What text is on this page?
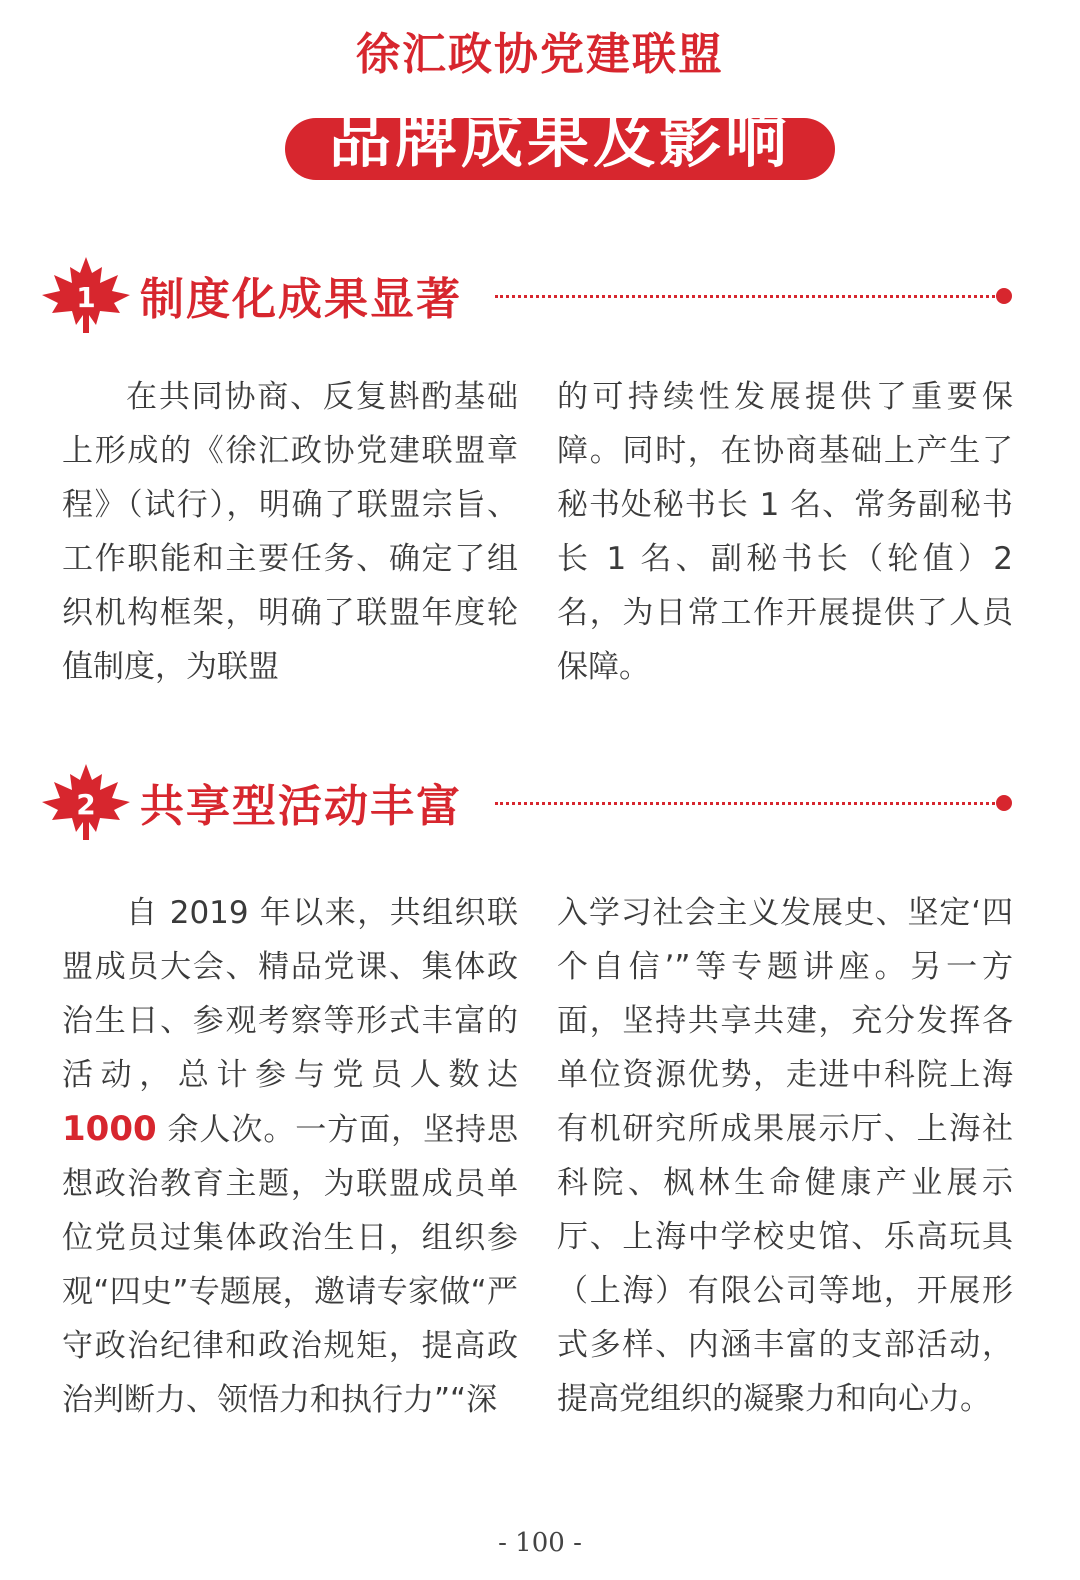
徐汇政协党建联盟
品牌成果及影响
1 制度化成果显著

在共同协商、反复斟酌基础上形成的《徐汇政协党建联盟章程》（试行），明确了联盟宗旨、工作职能和主要任务、确定了组织机构框架，明确了联盟年度轮值制度，为联盟

的可持续性发展提供了重要保障。同时，在协商基础上产生了秘书处秘书长 1 名、常务副秘书长 1 名、副秘书长（轮值）2 名，为日常工作开展提供了人员保障。

2 共享型活动丰富

自 2019 年以来，共组织联盟成员大会、精品党课、集体政治生日、参观考察等形式丰富的活动，总计参与党员人数达1000 余人次。一方面，坚持思想政治教育主题，为联盟成员单位党员过集体政治生日，组织参观“四史”专题展，邀请专家做“严守政治纪律和政治规矩，提高政治判断力、领悟力和执行力”“深

入学习社会主义发展史、坚定‘四个自信’”等专题讲座。另一方面，坚持共享共建，充分发挥各单位资源优势，走进中科院上海有机研究所成果展示厅、上海社科院、枫林生命健康产业展示厅、上海中学校史馆、乐高玩具（上海）有限公司等地，开展形式多样、内涵丰富的支部活动，提高党组织的凝聚力和向心力。

- 100 -
